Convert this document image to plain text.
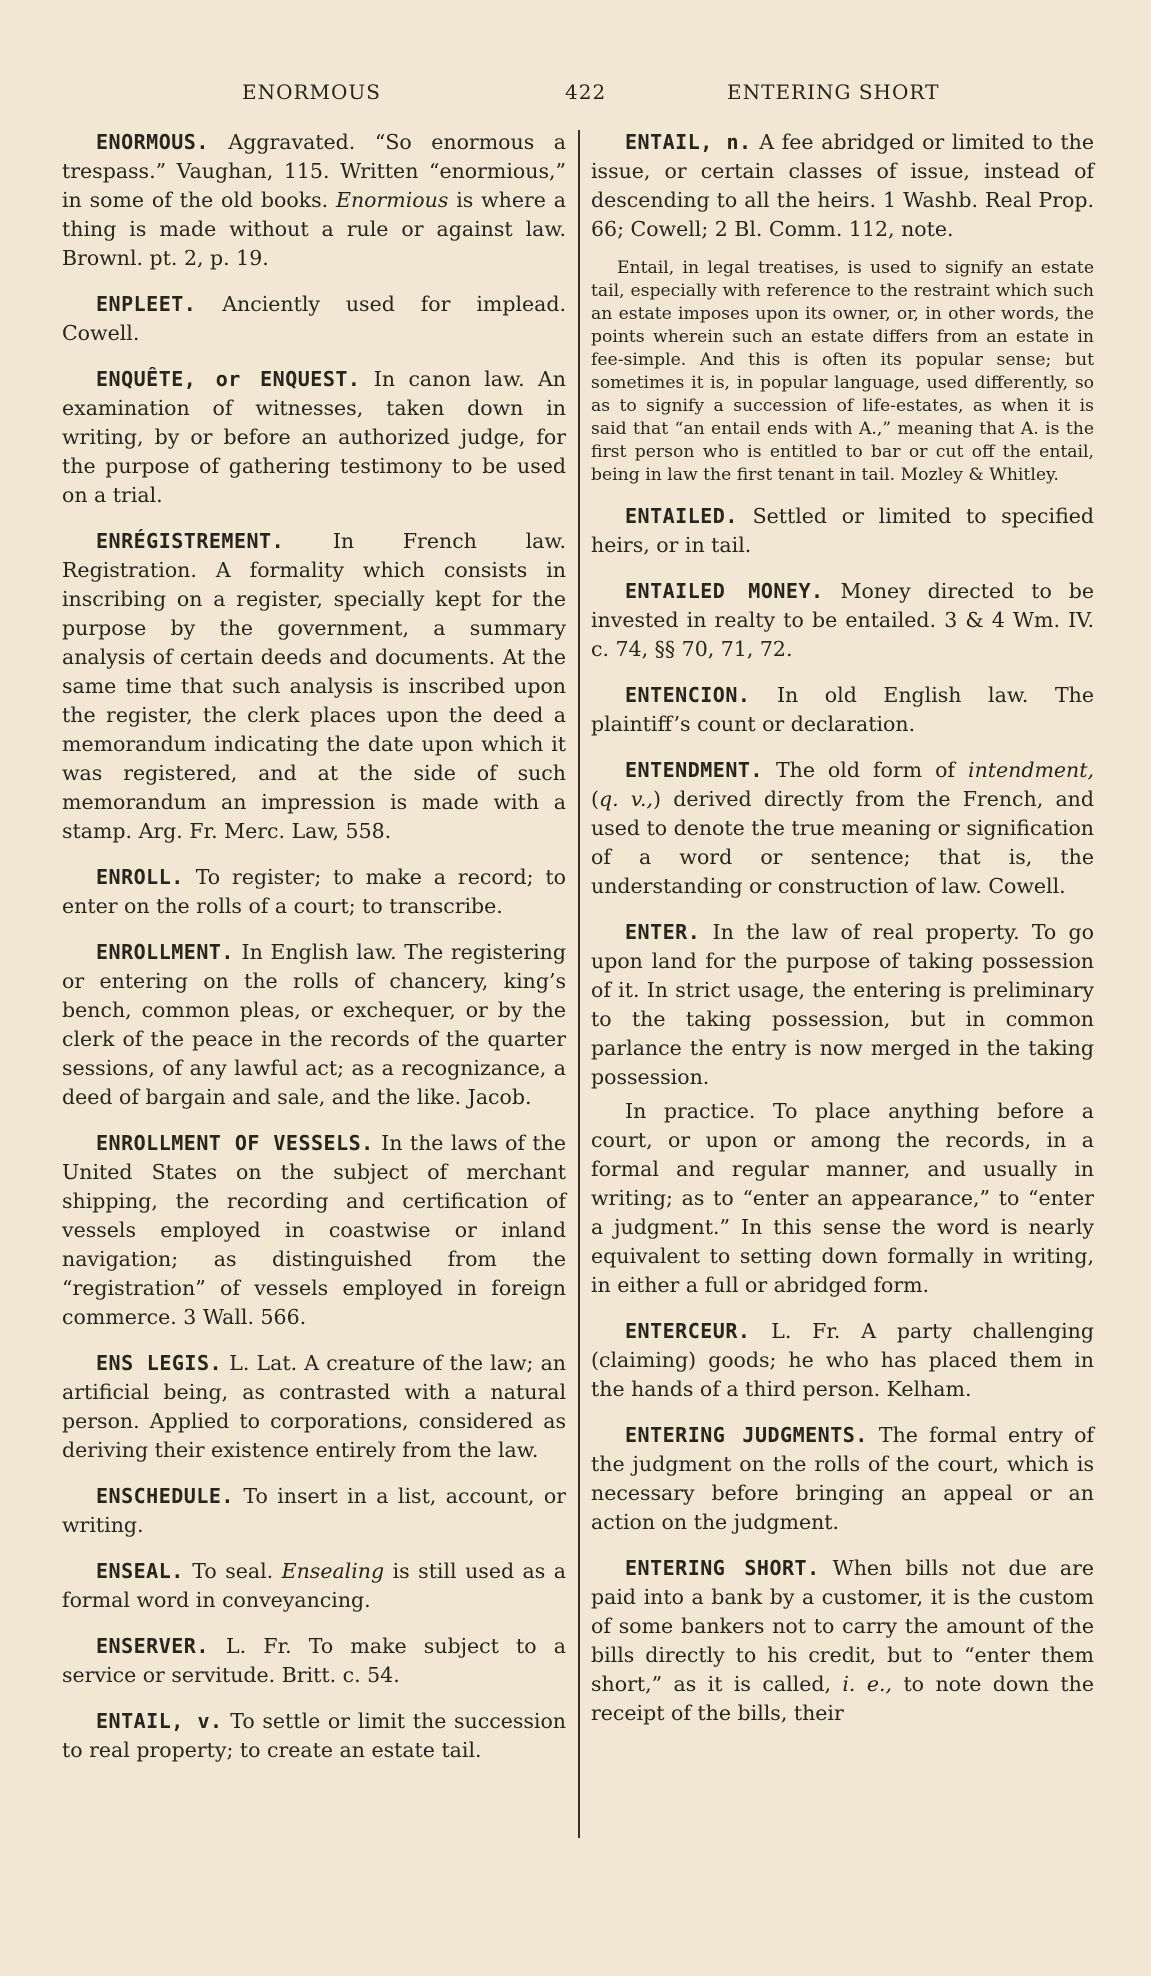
ENORMOUS	422	ENTERING SHORT

ENORMOUS. Aggravated. “So enormous a trespass.” Vaughan, 115. Written “enormious,” in some of the old books. Enormious is where a thing is made without a rule or against law. Brownl. pt. 2, p. 19.

ENPLEET. Anciently used for implead. Cowell.

ENQUÊTE, or ENQUEST. In canon law. An examination of witnesses, taken down in writing, by or before an authorized judge, for the purpose of gathering testimony to be used on a trial.

ENRÉGISTREMENT. In French law. Registration. A formality which consists in inscribing on a register, specially kept for the purpose by the government, a summary analysis of certain deeds and documents. At the same time that such analysis is inscribed upon the register, the clerk places upon the deed a memorandum indicating the date upon which it was registered, and at the side of such memorandum an impression is made with a stamp. Arg. Fr. Merc. Law, 558.

ENROLL. To register; to make a record; to enter on the rolls of a court; to transcribe.

ENROLLMENT. In English law. The registering or entering on the rolls of chancery, king’s bench, common pleas, or exchequer, or by the clerk of the peace in the records of the quarter sessions, of any lawful act; as a recognizance, a deed of bargain and sale, and the like. Jacob.

ENROLLMENT OF VESSELS. In the laws of the United States on the subject of merchant shipping, the recording and certification of vessels employed in coastwise or inland navigation; as distinguished from the “registration” of vessels employed in foreign commerce. 3 Wall. 566.

ENS LEGIS. L. Lat. A creature of the law; an artificial being, as contrasted with a natural person. Applied to corporations, considered as deriving their existence entirely from the law.

ENSCHEDULE. To insert in a list, account, or writing.

ENSEAL. To seal. Ensealing is still used as a formal word in conveyancing.

ENSERVER. L. Fr. To make subject to a service or servitude. Britt. c. 54.

ENTAIL, v. To settle or limit the succession to real property; to create an estate tail.

ENTAIL, n. A fee abridged or limited to the issue, or certain classes of issue, instead of descending to all the heirs. 1 Washb. Real Prop. 66; Cowell; 2 Bl. Comm. 112, note.

Entail, in legal treatises, is used to signify an estate tail, especially with reference to the restraint which such an estate imposes upon its owner, or, in other words, the points wherein such an estate differs from an estate in fee-simple. And this is often its popular sense; but sometimes it is, in popular language, used differently, so as to signify a succession of life-estates, as when it is said that “an entail ends with A.,” meaning that A. is the first person who is entitled to bar or cut off the entail, being in law the first tenant in tail. Mozley & Whitley.

ENTAILED. Settled or limited to specified heirs, or in tail.

ENTAILED MONEY. Money directed to be invested in realty to be entailed. 3 & 4 Wm. IV. c. 74, §§ 70, 71, 72.

ENTENCION. In old English law. The plaintiff’s count or declaration.

ENTENDMENT. The old form of intendment, (q. v.,) derived directly from the French, and used to denote the true meaning or signification of a word or sentence; that is, the understanding or construction of law. Cowell.

ENTER. In the law of real property. To go upon land for the purpose of taking possession of it. In strict usage, the entering is preliminary to the taking possession, but in common parlance the entry is now merged in the taking possession.

In practice. To place anything before a court, or upon or among the records, in a formal and regular manner, and usually in writing; as to “enter an appearance,” to “enter a judgment.” In this sense the word is nearly equivalent to setting down formally in writing, in either a full or abridged form.

ENTERCEUR. L. Fr. A party challenging (claiming) goods; he who has placed them in the hands of a third person. Kelham.

ENTERING JUDGMENTS. The formal entry of the judgment on the rolls of the court, which is necessary before bringing an appeal or an action on the judgment.

ENTERING SHORT. When bills not due are paid into a bank by a customer, it is the custom of some bankers not to carry the amount of the bills directly to his credit, but to “enter them short,” as it is called, i. e., to note down the receipt of the bills, their
